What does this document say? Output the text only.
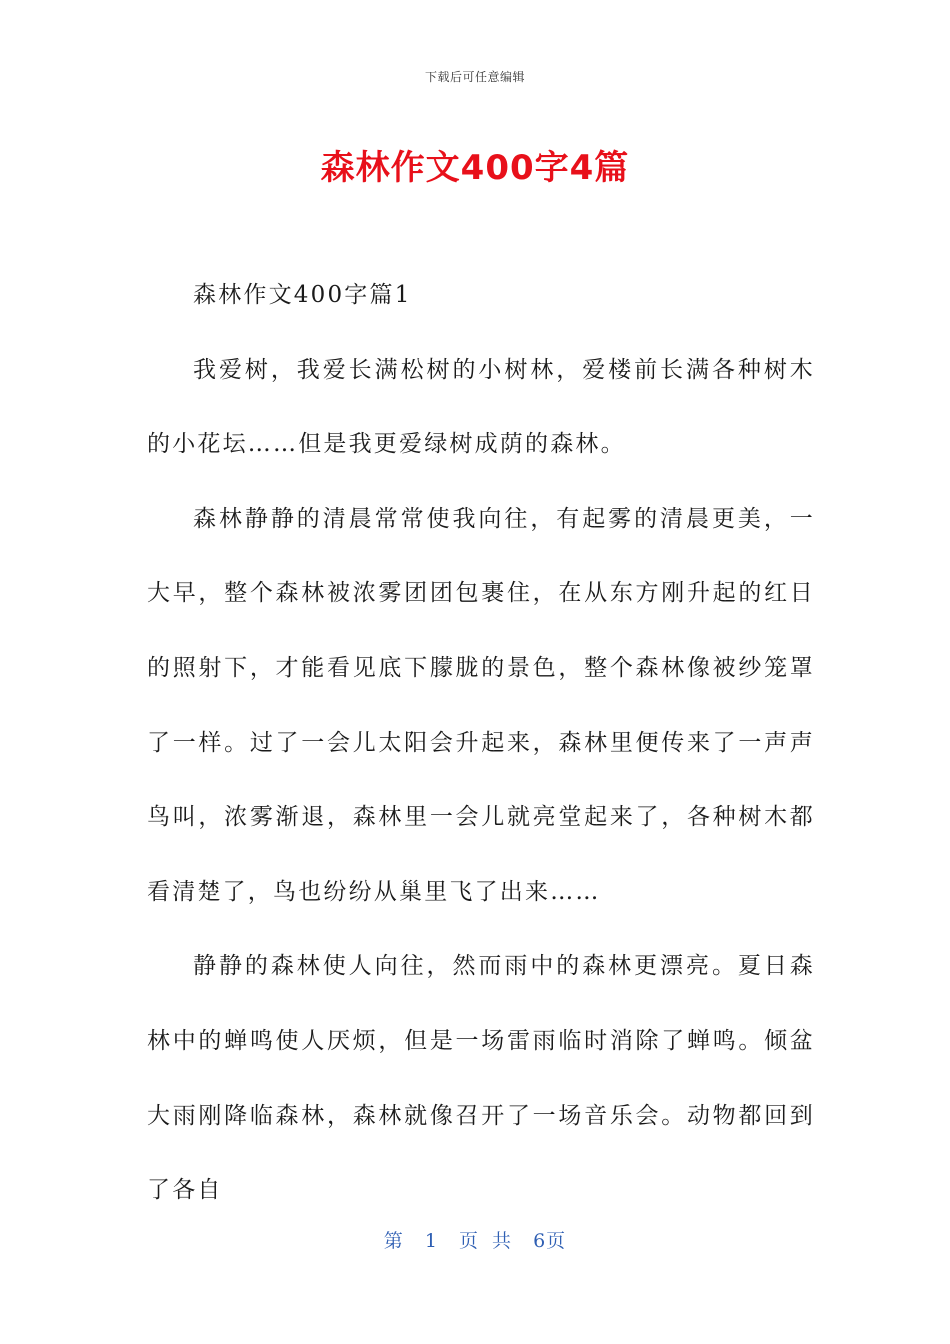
下载后可任意编辑
森林作文400字4篇

森林作文400字篇1

我爱树，我爱长满松树的小树林，爱楼前长满各种树木的小花坛……但是我更爱绿树成荫的森林。

森林静静的清晨常常使我向往，有起雾的清晨更美，一大早，整个森林被浓雾团团包裹住，在从东方刚升起的红日的照射下，才能看见底下朦胧的景色，整个森林像被纱笼罩了一样。过了一会儿太阳会升起来，森林里便传来了一声声鸟叫，浓雾渐退，森林里一会儿就亮堂起来了，各种树木都看清楚了，鸟也纷纷从巢里飞了出来……

静静的森林使人向往，然而雨中的森林更漂亮。夏日森林中的蝉鸣使人厌烦，但是一场雷雨临时消除了蝉鸣。倾盆大雨刚降临森林，森林就像召开了一场音乐会。动物都回到了各自

第 1 页 共 6页
